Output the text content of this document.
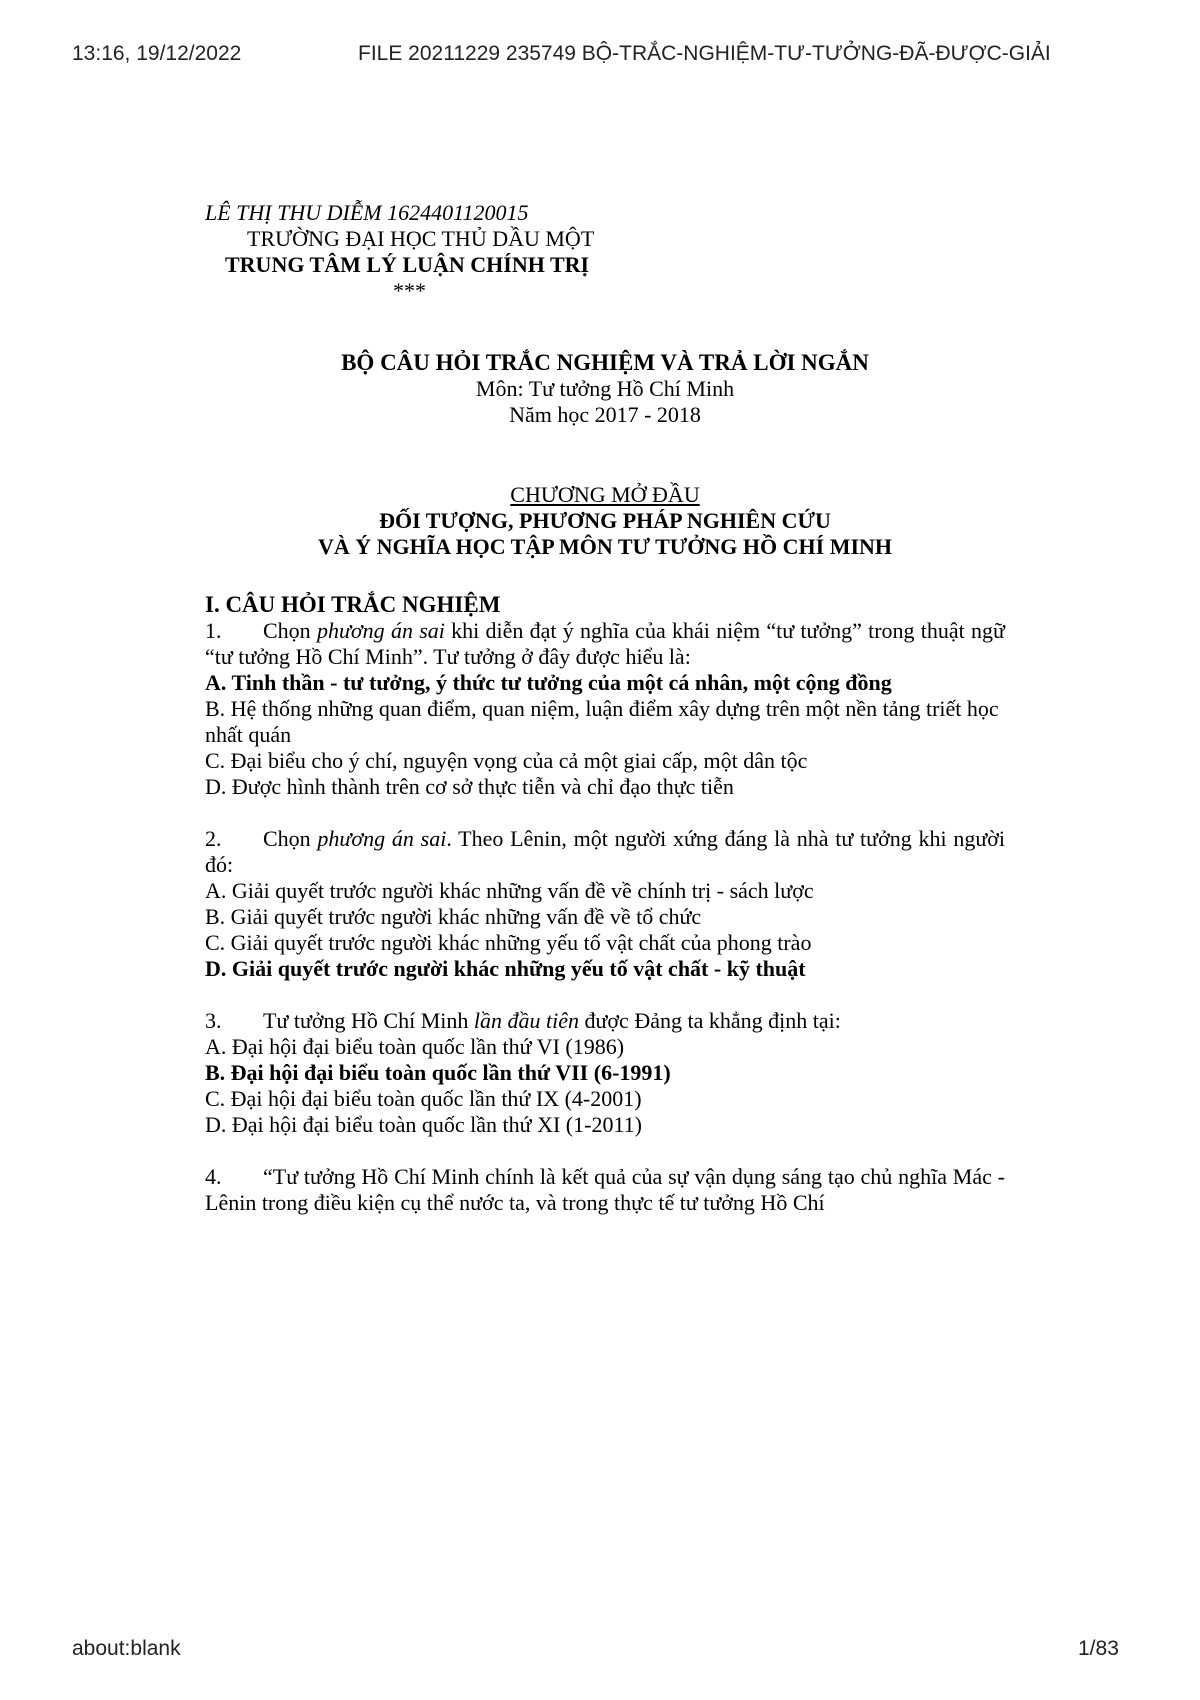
13:16, 19/12/2022	FILE 20211229 235749 BỘ-TRẮC-NGHIỆM-TƯ-TƯỞNG-ĐÃ-ĐƯỢC-GIẢI
about:blank	1/83

LÊ THỊ THU DIỄM 1624401120015

TRƯỜNG ĐẠI HỌC THỦ DẦU MỘT

TRUNG TÂM LÝ LUẬN CHÍNH TRỊ

***

BỘ CÂU HỎI TRẮC NGHIỆM VÀ TRẢ LỜI NGẮN

Môn: Tư tưởng Hồ Chí Minh

Năm học 2017 - 2018

CHƯƠNG MỞ ĐẦU

ĐỐI TƯỢNG, PHƯƠNG PHÁP NGHIÊN CỨU

VÀ Ý NGHĨA HỌC TẬP MÔN TƯ TƯỞNG HỒ CHÍ MINH

I. CÂU HỎI TRẮC NGHIỆM

1. Chọn phương án sai khi diễn đạt ý nghĩa của khái niệm “tư tưởng” trong thuật ngữ “tư tưởng Hồ Chí Minh”. Tư tưởng ở đây được hiểu là:

A. Tinh thần - tư tưởng, ý thức tư tưởng của một cá nhân, một cộng đồng

B. Hệ thống những quan điểm, quan niệm, luận điểm xây dựng trên một nền tảng triết học nhất quán

C. Đại biểu cho ý chí, nguyện vọng của cả một giai cấp, một dân tộc

D. Được hình thành trên cơ sở thực tiễn và chỉ đạo thực tiễn

2. Chọn phương án sai. Theo Lênin, một người xứng đáng là nhà tư tưởng khi người đó:

A. Giải quyết trước người khác những vấn đề về chính trị - sách lược

B. Giải quyết trước người khác những vấn đề về tổ chức

C. Giải quyết trước người khác những yếu tố vật chất của phong trào

D. Giải quyết trước người khác những yếu tố vật chất - kỹ thuật

3. Tư tưởng Hồ Chí Minh lần đầu tiên được Đảng ta khẳng định tại:

A. Đại hội đại biểu toàn quốc lần thứ VI (1986)

B. Đại hội đại biểu toàn quốc lần thứ VII (6-1991)

C. Đại hội đại biểu toàn quốc lần thứ IX (4-2001)

D. Đại hội đại biểu toàn quốc lần thứ XI (1-2011)

4. “Tư tưởng Hồ Chí Minh chính là kết quả của sự vận dụng sáng tạo chủ nghĩa Mác - Lênin trong điều kiện cụ thể nước ta, và trong thực tế tư tưởng Hồ Chí
